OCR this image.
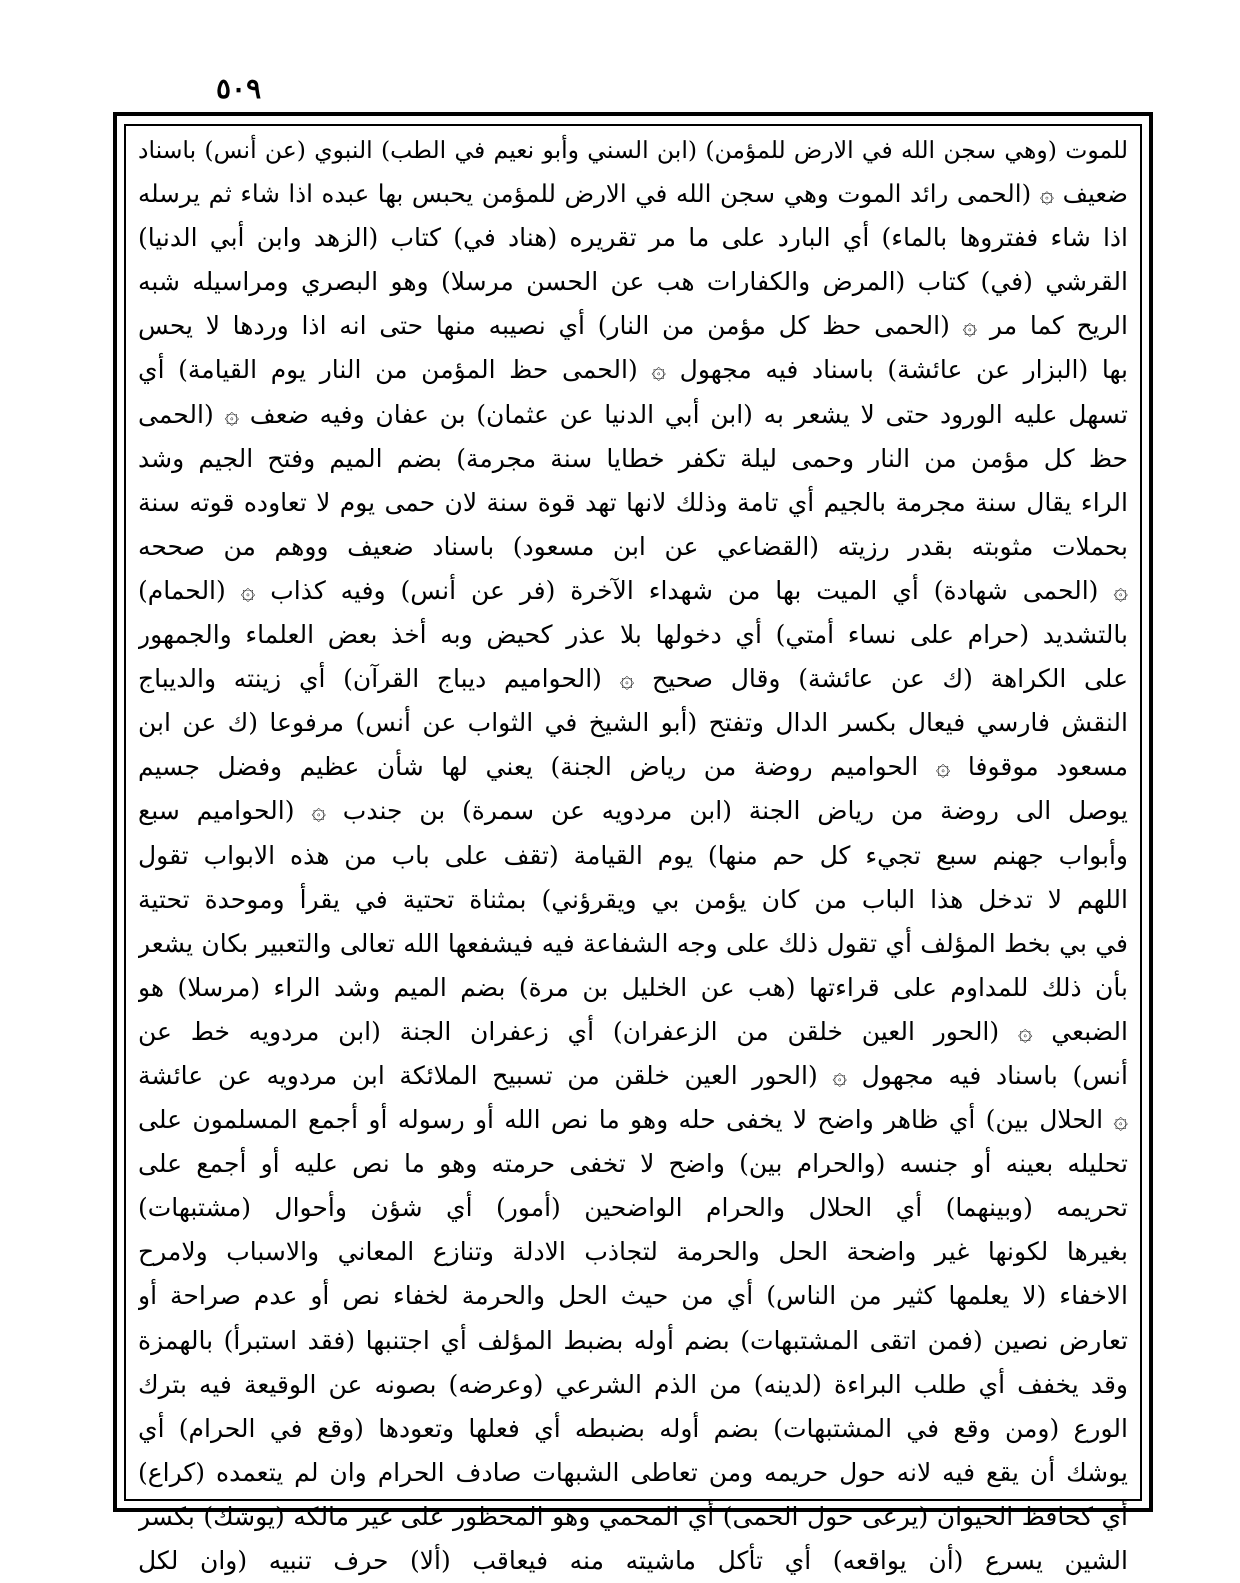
٥٠٩
للموت (وهي سجن الله في الارض للمؤمن) (ابن السني وأبو نعيم في الطب) النبوي (عن أنس) باسناد
ضعيف ۞ (الحمى رائد الموت وهي سجن الله في الارض للمؤمن يحبس بها عبده اذا شاء ثم يرسله
اذا شاء ففتروها بالماء) أي البارد على ما مر تقريره (هناد في) كتاب (الزهد وابن أبي الدنيا)
القرشي (في) كتاب (المرض والكفارات هب عن الحسن مرسلا) وهو البصري ومراسيله شبه
الريح كما مر ۞ (الحمى حظ كل مؤمن من النار) أي نصيبه منها حتى انه اذا وردها لا يحس
بها (البزار عن عائشة) باسناد فيه مجهول ۞ (الحمى حظ المؤمن من النار يوم القيامة) أي
تسهل عليه الورود حتى لا يشعر به (ابن أبي الدنيا عن عثمان) بن عفان وفيه ضعف ۞ (الحمى
حظ كل مؤمن من النار وحمى ليلة تكفر خطايا سنة مجرمة) بضم الميم وفتح الجيم وشد
الراء يقال سنة مجرمة بالجيم أي تامة وذلك لانها تهد قوة سنة لان حمى يوم لا تعاوده قوته سنة
بحملات مثوبته بقدر رزيته (القضاعي عن ابن مسعود) باسناد ضعيف ووهم من صححه
۞ (الحمى شهادة) أي الميت بها من شهداء الآخرة (فر عن أنس) وفيه كذاب ۞ (الحمام)
بالتشديد (حرام على نساء أمتي) أي دخولها بلا عذر كحيض وبه أخذ بعض العلماء والجمهور
على الكراهة (ك عن عائشة) وقال صحيح ۞ (الحواميم ديباج القرآن) أي زينته والديباج
النقش فارسي فيعال بكسر الدال وتفتح (أبو الشيخ في الثواب عن أنس) مرفوعا (ك عن ابن
مسعود موقوفا ۞ الحواميم روضة من رياض الجنة) يعني لها شأن عظيم وفضل جسيم
يوصل الى روضة من رياض الجنة (ابن مردويه عن سمرة) بن جندب ۞ (الحواميم سبع
وأبواب جهنم سبع تجيء كل حم منها) يوم القيامة (تقف على باب من هذه الابواب تقول
اللهم لا تدخل هذا الباب من كان يؤمن بي ويقرؤني) بمثناة تحتية في يقرأ وموحدة تحتية
في بي بخط المؤلف أي تقول ذلك على وجه الشفاعة فيه فيشفعها الله تعالى والتعبير بكان يشعر
بأن ذلك للمداوم على قراءتها (هب عن الخليل بن مرة) بضم الميم وشد الراء (مرسلا) هو
الضبعي ۞ (الحور العين خلقن من الزعفران) أي زعفران الجنة (ابن مردويه خط عن
أنس) باسناد فيه مجهول ۞ (الحور العين خلقن من تسبيح الملائكة ابن مردويه عن عائشة
۞ الحلال بين) أي ظاهر واضح لا يخفى حله وهو ما نص الله أو رسوله أو أجمع المسلمون على
تحليله بعينه أو جنسه (والحرام بين) واضح لا تخفى حرمته وهو ما نص عليه أو أجمع على
تحريمه (وبينهما) أي الحلال والحرام الواضحين (أمور) أي شؤن وأحوال (مشتبهات)
بغيرها لكونها غير واضحة الحل والحرمة لتجاذب الادلة وتنازع المعاني والاسباب ولامرح
الاخفاء (لا يعلمها كثير من الناس) أي من حيث الحل والحرمة لخفاء نص أو عدم صراحة أو
تعارض نصين (فمن اتقى المشتبهات) بضم أوله بضبط المؤلف أي اجتنبها (فقد استبرأ) بالهمزة
وقد يخفف أي طلب البراءة (لدينه) من الذم الشرعي (وعرضه) بصونه عن الوقيعة فيه بترك
الورع (ومن وقع في المشتبهات) بضم أوله بضبطه أي فعلها وتعودها (وقع في الحرام) أي
يوشك أن يقع فيه لانه حول حريمه ومن تعاطى الشبهات صادف الحرام وان لم يتعمده (كراع)
أي كحافظ الحيوان (يرعى حول الحمى) أي المحمي وهو المحظور على غير مالكه (يوشك) بكسر
الشين يسرع (أن يواقعه) أي تأكل ماشيته منه فيعاقب (ألا) حرف تنبيه (وان لكل
